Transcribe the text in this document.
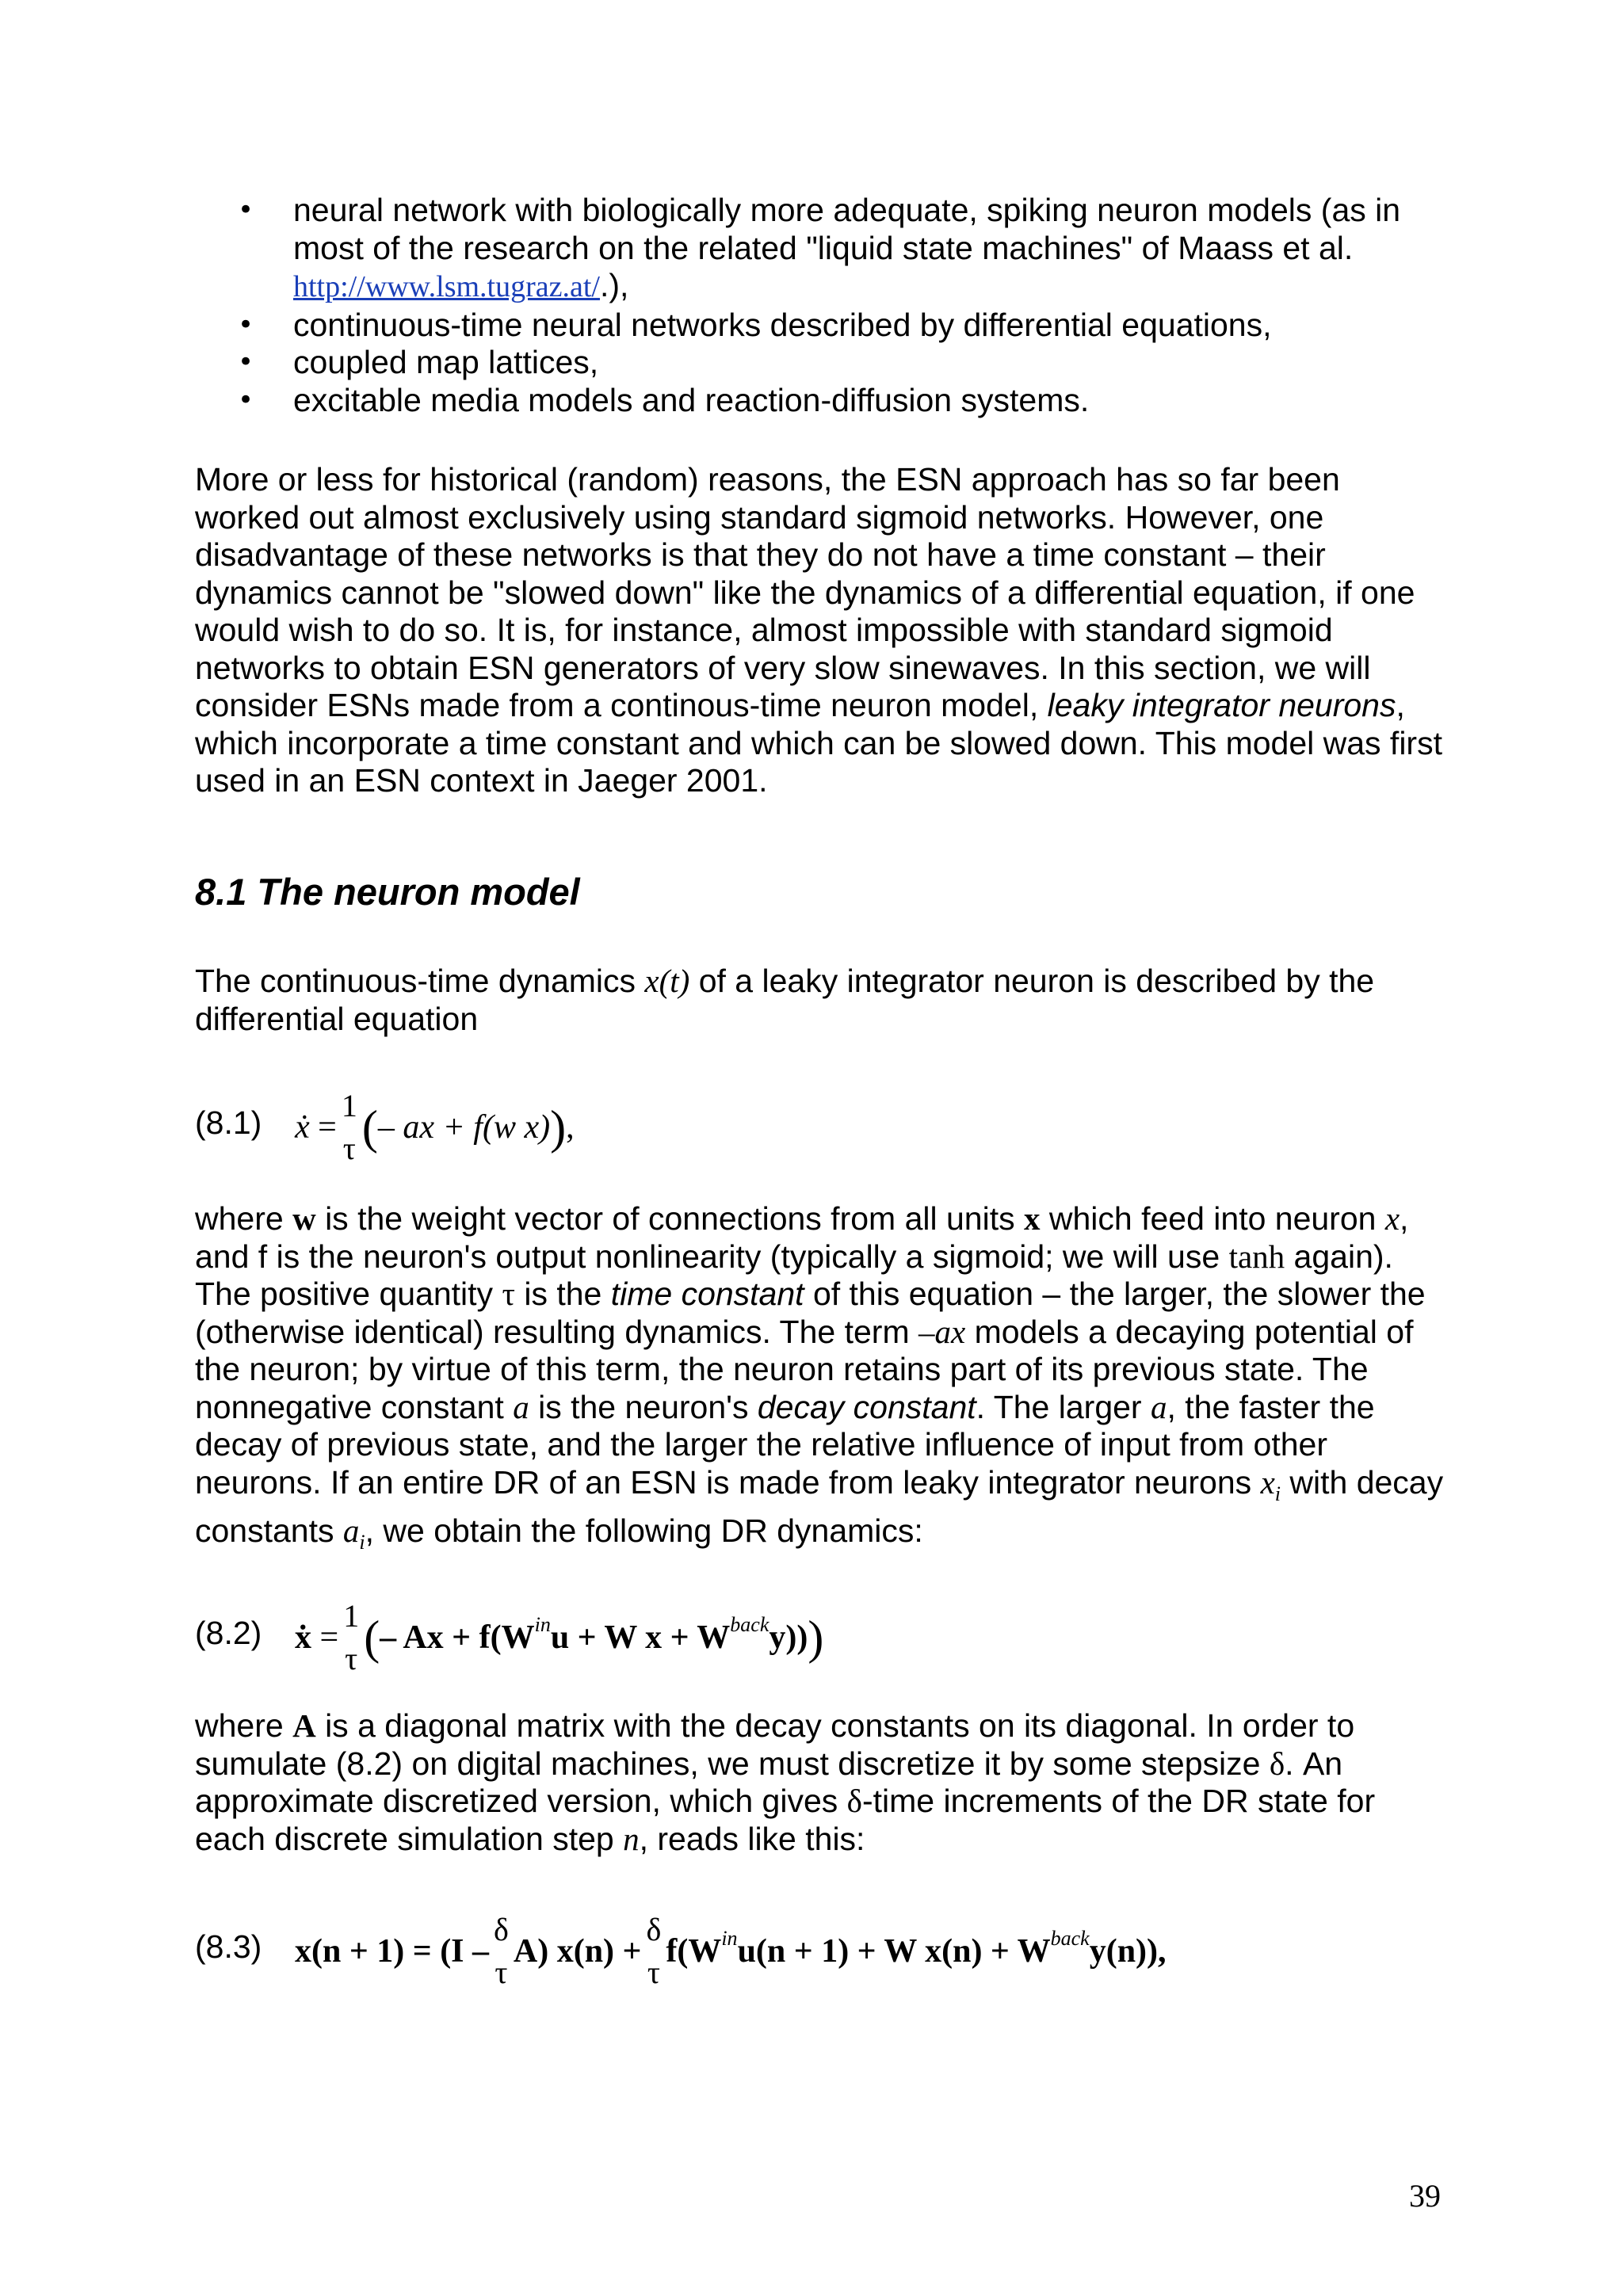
•	neural network with biologically more adequate, spiking neuron models (as in most of the research on the related "liquid state machines" of Maass et al. http://www.lsm.tugraz.at/.),
•	continuous-time neural networks described by differential equations,
•	coupled map lattices,
•	excitable media models and reaction-diffusion systems.

More or less for historical (random) reasons, the ESN approach has so far been worked out almost exclusively using standard sigmoid networks. However, one disadvantage of these networks is that they do not have a time constant – their dynamics cannot be "slowed down" like the dynamics of a differential equation, if one would wish to do so. It is, for instance, almost impossible with standard sigmoid networks to obtain ESN generators of very slow sinewaves. In this section, we will consider ESNs made from a continous-time neuron model, leaky integrator neurons, which incorporate a time constant and which can be slowed down. This model was first used in an ESN context in Jaeger 2001.

8.1 The neuron model

The continuous-time dynamics x(t) of a leaky integrator neuron is described by the differential equation

(8.1) ẋ
=
1
τ ( – ax + f(w x) ) ,

where w is the weight vector of connections from all units x which feed into neuron x, and f is the neuron's output nonlinearity (typically a sigmoid; we will use tanh again). The positive quantity τ is the time constant of this equation – the larger, the slower the (otherwise identical) resulting dynamics. The term –ax models a decaying potential of the neuron; by virtue of this term, the neuron retains part of its previous state. The nonnegative constant a is the neuron's decay constant. The larger a, the faster the decay of previous state, and the larger the relative influence of input from other neurons. If an entire DR of an ESN is made from leaky integrator neurons $x_i$ with decay constants $a_i$, we obtain the following DR dynamics:

(8.2) ẋ
=
1
τ ( – Ax + f(W in u + W x + W back y)) )

where A is a diagonal matrix with the decay constants on its diagonal. In order to sumulate (8.2) on digital machines, we must discretize it by some stepsize δ. An approximate discretized version, which gives δ-time increments of the DR state for each discrete simulation step n, reads like this:

(8.3) x(n + 1) = (I –
δ
τ
A) x(n) +
δ
τ
f(W in u(n + 1) + W x(n) + W back y(n)),
39
